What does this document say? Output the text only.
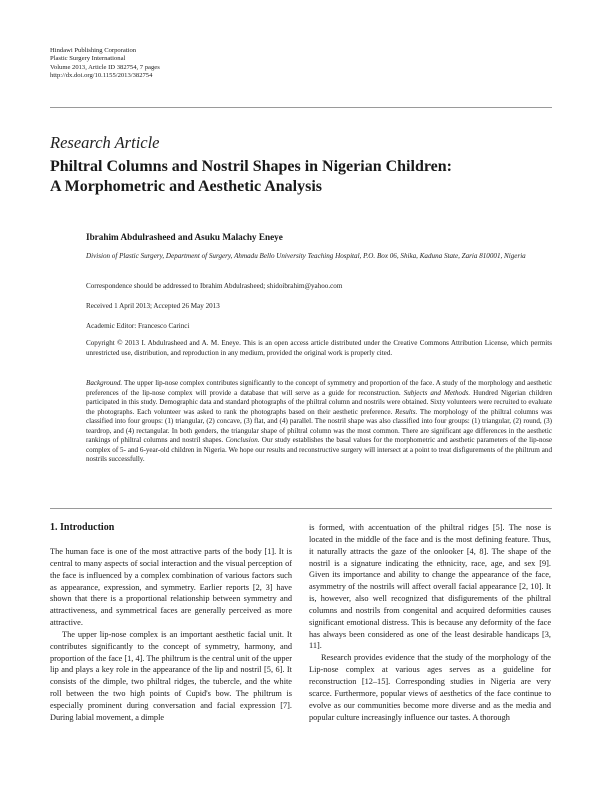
Hindawi Publishing Corporation
Plastic Surgery International
Volume 2013, Article ID 382754, 7 pages
http://dx.doi.org/10.1155/2013/382754
Research Article
Philtral Columns and Nostril Shapes in Nigerian Children:
A Morphometric and Aesthetic Analysis
Ibrahim Abdulrasheed and Asuku Malachy Eneye
Division of Plastic Surgery, Department of Surgery, Ahmadu Bello University Teaching Hospital, P.O. Box 06, Shika, Kaduna State, Zaria 810001, Nigeria
Correspondence should be addressed to Ibrahim Abdulrasheed; shidoibrahim@yahoo.com
Received 1 April 2013; Accepted 26 May 2013
Academic Editor: Francesco Carinci
Copyright © 2013 I. Abdulrasheed and A. M. Eneye. This is an open access article distributed under the Creative Commons Attribution License, which permits unrestricted use, distribution, and reproduction in any medium, provided the original work is properly cited.
Background. The upper lip-nose complex contributes significantly to the concept of symmetry and proportion of the face. A study of the morphology and aesthetic preferences of the lip-nose complex will provide a database that will serve as a guide for reconstruction. Subjects and Methods. Hundred Nigerian children participated in this study. Demographic data and standard photographs of the philtral column and nostrils were obtained. Sixty volunteers were recruited to evaluate the photographs. Each volunteer was asked to rank the photographs based on their aesthetic preference. Results. The morphology of the philtral columns was classified into four groups: (1) triangular, (2) concave, (3) flat, and (4) parallel. The nostril shape was also classified into four groups: (1) triangular, (2) round, (3) teardrop, and (4) rectangular. In both genders, the triangular shape of philtral column was the most common. There are significant age differences in the aesthetic rankings of philtral columns and nostril shapes. Conclusion. Our study establishes the basal values for the morphometric and aesthetic parameters of the lip-nose complex of 5- and 6-year-old children in Nigeria. We hope our results and reconstructive surgery will intersect at a point to treat disfigurements of the philtrum and nostrils successfully.
1. Introduction

The human face is one of the most attractive parts of the body [1]. It is central to many aspects of social interaction and the visual perception of the face is influenced by a complex combination of various factors such as appearance, expression, and symmetry. Earlier reports [2, 3] have shown that there is a proportional relationship between symmetry and attractiveness, and symmetrical faces are generally perceived as more attractive.

The upper lip-nose complex is an important aesthetic facial unit. It contributes significantly to the concept of symmetry, harmony, and proportion of the face [1, 4]. The philtrum is the central unit of the upper lip and plays a key role in the appearance of the lip and nostril [5, 6]. It consists of the dimple, two philtral ridges, the tubercle, and the white roll between the two high points of Cupid's bow. The philtrum is especially prominent during conversation and facial expression [7]. During labial movement, a dimple

is formed, with accentuation of the philtral ridges [5]. The nose is located in the middle of the face and is the most defining feature. Thus, it naturally attracts the gaze of the onlooker [4, 8]. The shape of the nostril is a signature indicating the ethnicity, race, age, and sex [9]. Given its importance and ability to change the appearance of the face, asymmetry of the nostrils will affect overall facial appearance [2, 10]. It is, however, also well recognized that disfigurements of the philtral columns and nostrils from congenital and acquired deformities causes significant emotional distress. This is because any deformity of the face has always been considered as one of the least desirable handicaps [3, 11].

Research provides evidence that the study of the morphology of the Lip-nose complex at various ages serves as a guideline for reconstruction [12–15]. Corresponding studies in Nigeria are very scarce. Furthermore, popular views of aesthetics of the face continue to evolve as our communities become more diverse and as the media and popular culture increasingly influence our tastes. A thorough
